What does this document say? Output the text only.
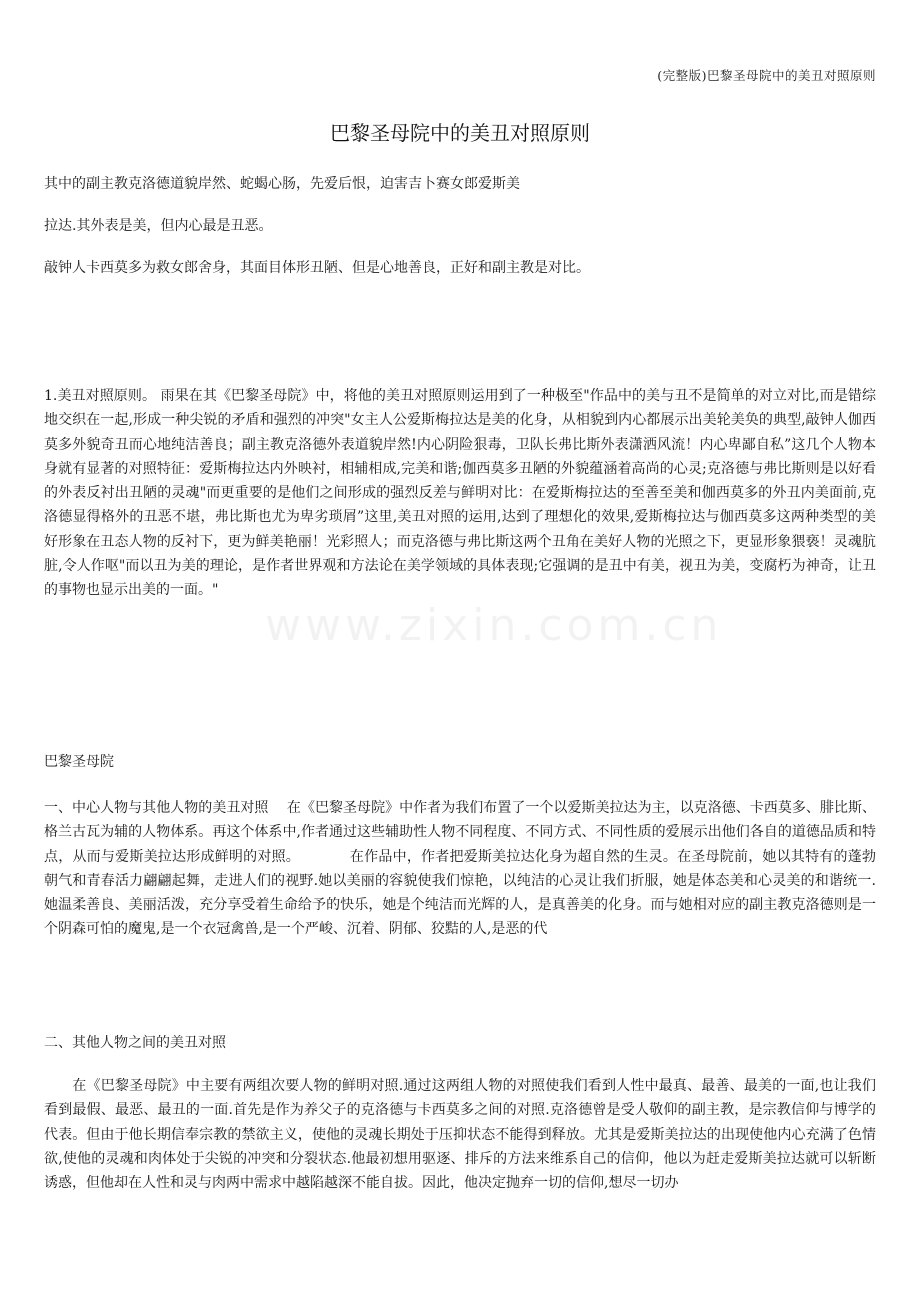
(完整版)巴黎圣母院中的美丑对照原则
巴黎圣母院中的美丑对照原则
其中的副主教克洛德道貌岸然、蛇蝎心肠，先爱后恨，迫害吉卜赛女郎爱斯美
拉达.其外表是美，但内心最是丑恶。
敲钟人卡西莫多为救女郎舍身，其面目体形丑陋、但是心地善良，正好和副主教是对比。
1.美丑对照原则。 雨果在其《巴黎圣母院》中，将他的美丑对照原则运用到了一种极至"作品中的美与丑不是简单的对立对比,而是错综地交织在一起,形成一种尖锐的矛盾和强烈的冲突"女主人公爱斯梅拉达是美的化身，从相貌到内心都展示出美轮美奂的典型,敲钟人伽西莫多外貌奇丑而心地纯洁善良；副主教克洛德外表道貌岸然!内心阴险狠毒，卫队长弗比斯外表潇洒风流！内心卑鄙自私”这几个人物本身就有显著的对照特征：爱斯梅拉达内外映衬，相辅相成,完美和谐;伽西莫多丑陋的外貌蕴涵着高尚的心灵;克洛德与弗比斯则是以好看的外表反衬出丑陋的灵魂"而更重要的是他们之间形成的强烈反差与鲜明对比：在爱斯梅拉达的至善至美和伽西莫多的外丑内美面前,克洛德显得格外的丑恶不堪，弗比斯也尤为卑劣琐屑”这里,美丑对照的运用,达到了理想化的效果,爱斯梅拉达与伽西莫多这两种类型的美好形象在丑态人物的反衬下，更为鲜美艳丽！光彩照人；而克洛德与弗比斯这两个丑角在美好人物的光照之下，更显形象猥亵！灵魂肮脏,令人作呕"而以丑为美的理论，是作者世界观和方法论在美学领域的具体表现;它强调的是丑中有美，视丑为美，变腐朽为神奇，让丑的事物也显示出美的一面。"
www.zixin.com.cn
巴黎圣母院
一、中心人物与其他人物的美丑对照　 在《巴黎圣母院》中作者为我们布置了一个以爱斯美拉达为主，以克洛德、卡西莫多、腓比斯、格兰古瓦为辅的人物体系。再这个体系中,作者通过这些辅助性人物不同程度、不同方式、不同性质的爱展示出他们各自的道德品质和特点，从而与爱斯美拉达形成鲜明的对照。　　　　在作品中，作者把爱斯美拉达化身为超自然的生灵。在圣母院前，她以其特有的蓬勃朝气和青春活力翩翩起舞，走进人们的视野.她以美丽的容貌使我们惊艳，以纯洁的心灵让我们折服，她是体态美和心灵美的和谐统一.她温柔善良、美丽活泼，充分享受着生命给予的快乐，她是个纯洁而光辉的人，是真善美的化身。而与她相对应的副主教克洛德则是一个阴森可怕的魔鬼,是一个衣冠禽兽,是一个严峻、沉着、阴郁、狡黠的人,是恶的代
二、其他人物之间的美丑对照
　　在《巴黎圣母院》中主要有两组次要人物的鲜明对照.通过这两组人物的对照使我们看到人性中最真、最善、最美的一面,也让我们看到最假、最恶、最丑的一面.首先是作为养父子的克洛德与卡西莫多之间的对照.克洛德曾是受人敬仰的副主教，是宗教信仰与博学的代表。但由于他长期信奉宗教的禁欲主义，使他的灵魂长期处于压抑状态不能得到释放。尤其是爱斯美拉达的出现使他内心充满了色情欲,使他的灵魂和肉体处于尖锐的冲突和分裂状态.他最初想用驱逐、排斥的方法来维系自己的信仰，他以为赶走爱斯美拉达就可以斩断诱惑，但他却在人性和灵与肉两中需求中越陷越深不能自拔。因此，他决定抛弃一切的信仰,想尽一切办
